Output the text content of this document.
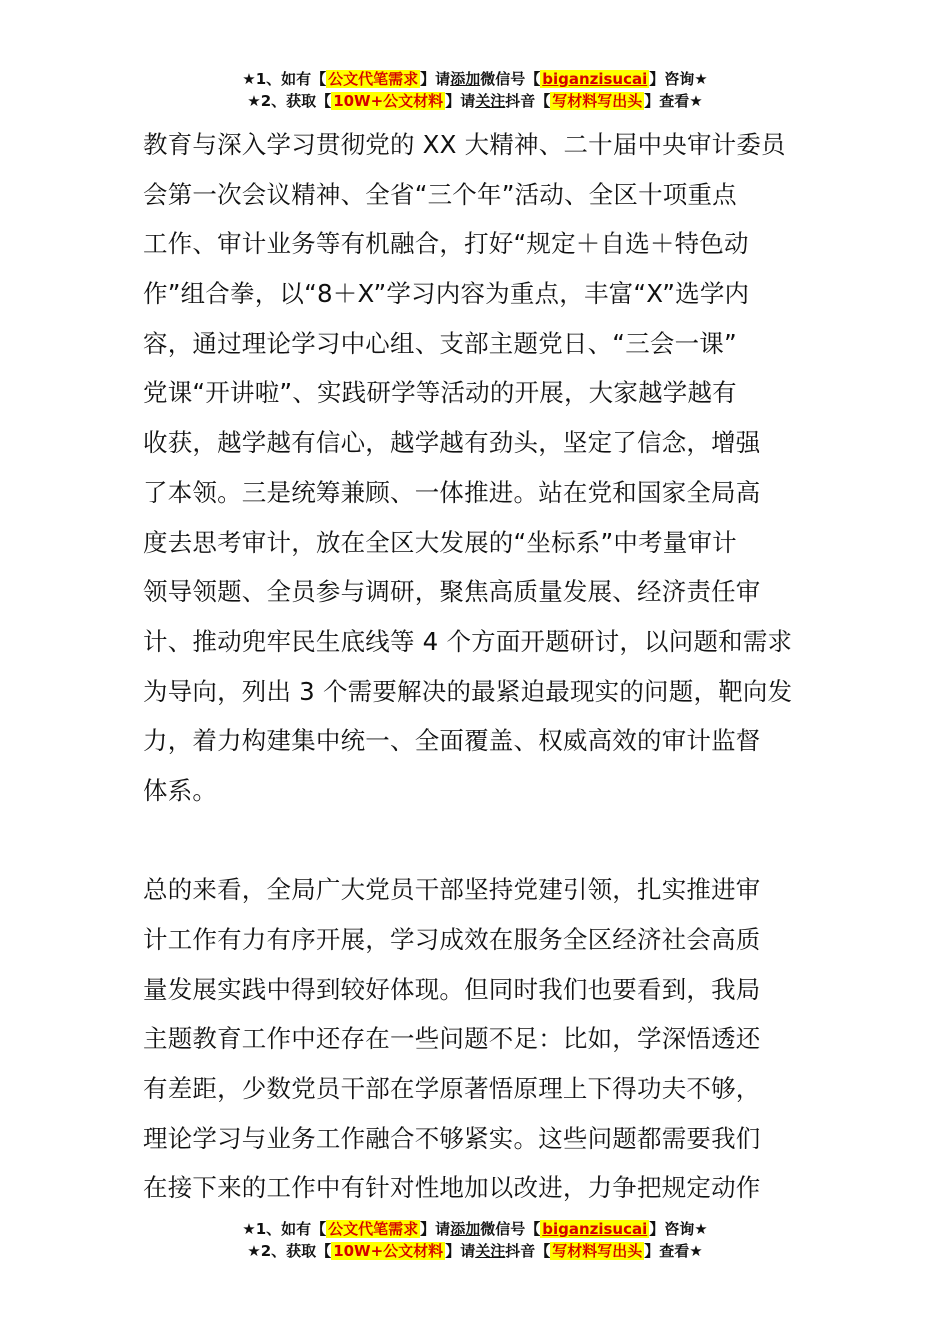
★1、如有【 公文代笔需求 】请添加微信号【 biganzisucai 】咨询★
★2、获取【 10W+公文材料 】请关注抖音【 写材料写出头 】查看★
教育与深入学习贯彻党的 XX 大精神、二十届中央审计委员
会第一次会议精神、全省“三个年”活动、全区十项重点
工作、审计业务等有机融合，打好“规定＋自选＋特色动
作”组合拳，以“8＋X”学习内容为重点，丰富“X”选学内
容，通过理论学习中心组、支部主题党日、“三会一课”
党课“开讲啦”、实践研学等活动的开展，大家越学越有
收获，越学越有信心，越学越有劲头，坚定了信念，增强
了本领。三是统筹兼顾、一体推进。站在党和国家全局高
度去思考审计，放在全区大发展的“坐标系”中考量审计
领导领题、全员参与调研，聚焦高质量发展、经济责任审
计、推动兜牢民生底线等 4 个方面开题研讨，以问题和需求
为导向，列出 3 个需要解决的最紧迫最现实的问题，靶向发
力，着力构建集中统一、全面覆盖、权威高效的审计监督
体系。
总的来看，全局广大党员干部坚持党建引领，扎实推进审
计工作有力有序开展，学习成效在服务全区经济社会高质
量发展实践中得到较好体现。但同时我们也要看到，我局
主题教育工作中还存在一些问题不足：比如，学深悟透还
有差距，少数党员干部在学原著悟原理上下得功夫不够，
理论学习与业务工作融合不够紧实。这些问题都需要我们
在接下来的工作中有针对性地加以改进，力争把规定动作
★1、如有【 公文代笔需求 】请添加微信号【 biganzisucai 】咨询★
★2、获取【 10W+公文材料 】请关注抖音【 写材料写出头 】查看★
